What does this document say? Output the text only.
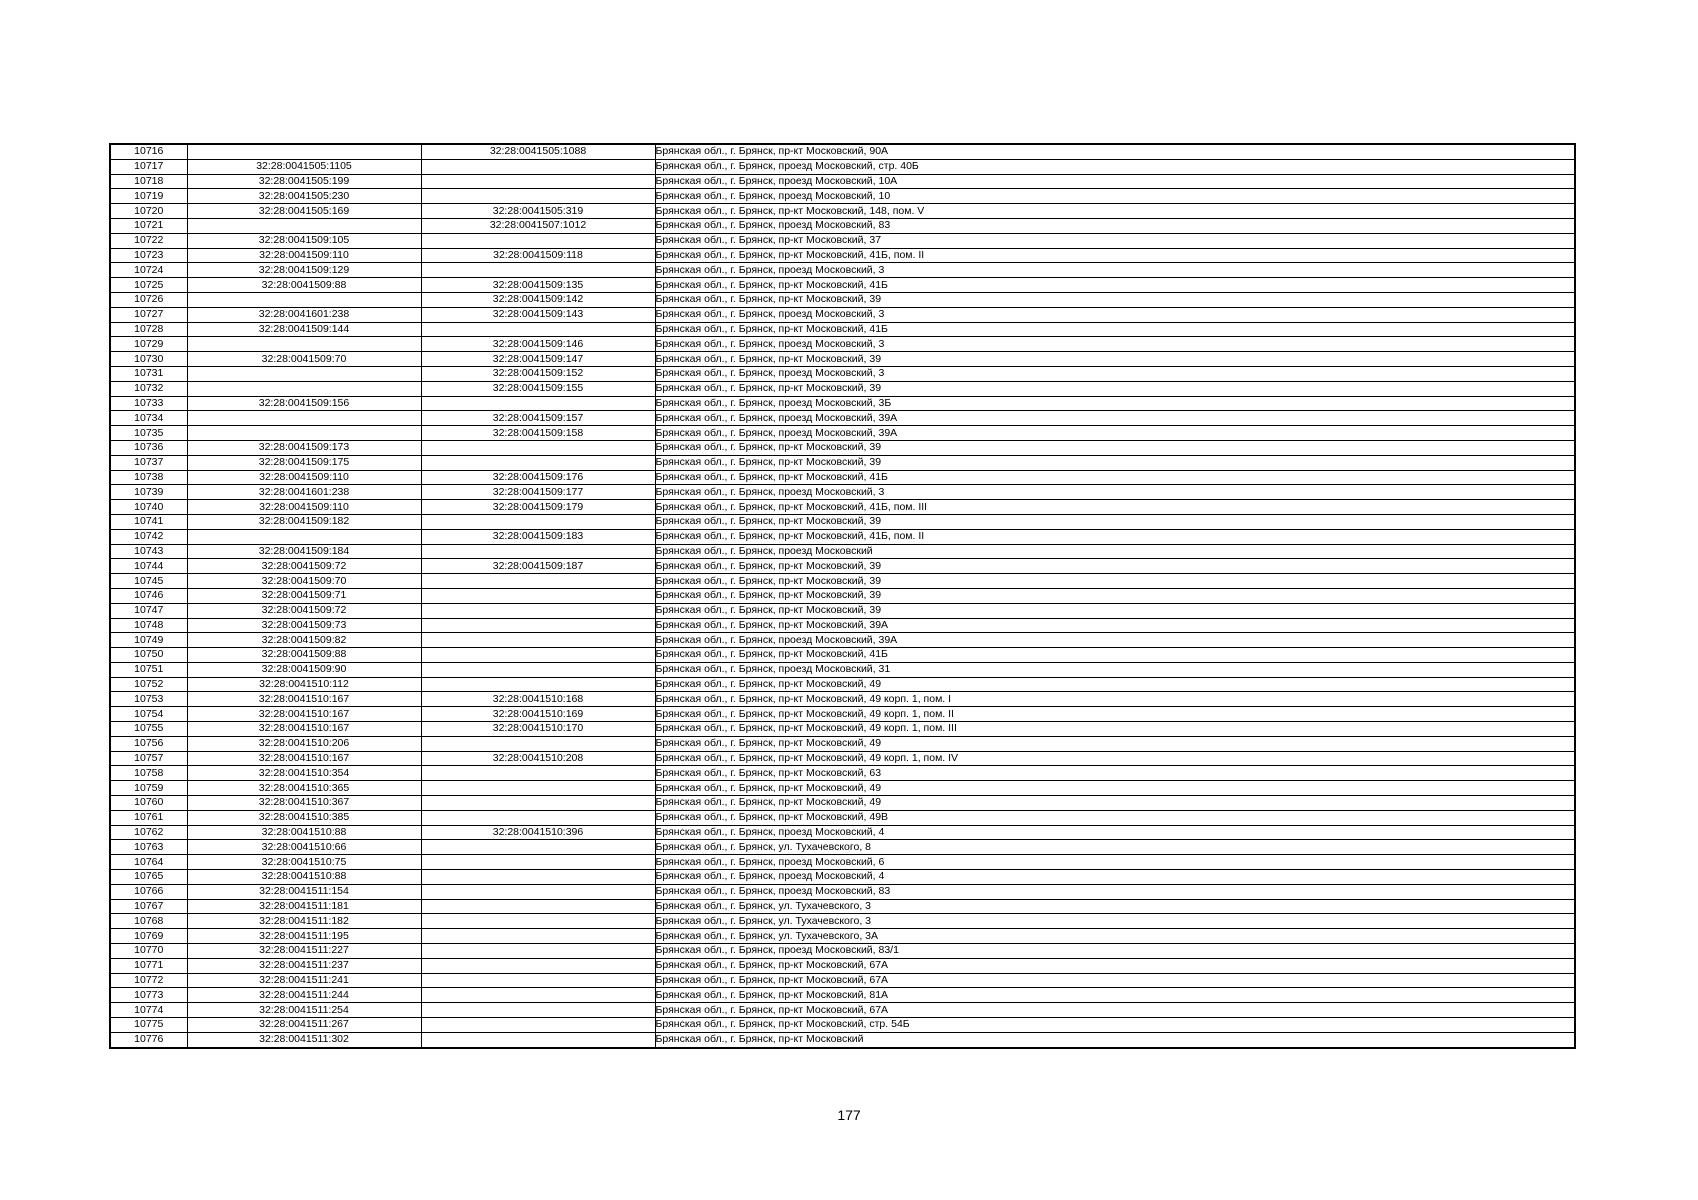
10716		32:28:0041505:1088	Брянская обл., г. Брянск, пр-кт Московский, 90А
10717	32:28:0041505:1105		Брянская обл., г. Брянск, проезд Московский, стр. 40Б
10718	32:28:0041505:199		Брянская обл., г. Брянск, проезд Московский, 10А
10719	32:28:0041505:230		Брянская обл., г. Брянск, проезд Московский, 10
10720	32:28:0041505:169	32:28:0041505:319	Брянская обл., г. Брянск, пр-кт Московский, 148, пом. V
10721		32:28:0041507:1012	Брянская обл., г. Брянск, проезд Московский, 83
10722	32:28:0041509:105		Брянская обл., г. Брянск, пр-кт Московский, 37
10723	32:28:0041509:110	32:28:0041509:118	Брянская обл., г. Брянск, пр-кт Московский, 41Б, пом. II
10724	32:28:0041509:129		Брянская обл., г. Брянск, проезд Московский, 3
10725	32:28:0041509:88	32:28:0041509:135	Брянская обл., г. Брянск, пр-кт Московский, 41Б
10726		32:28:0041509:142	Брянская обл., г. Брянск, пр-кт Московский, 39
10727	32:28:0041601:238	32:28:0041509:143	Брянская обл., г. Брянск, проезд Московский, 3
10728	32:28:0041509:144		Брянская обл., г. Брянск, пр-кт Московский, 41Б
10729		32:28:0041509:146	Брянская обл., г. Брянск, проезд Московский, 3
10730	32:28:0041509:70	32:28:0041509:147	Брянская обл., г. Брянск, пр-кт Московский, 39
10731		32:28:0041509:152	Брянская обл., г. Брянск, проезд Московский, 3
10732		32:28:0041509:155	Брянская обл., г. Брянск, пр-кт Московский, 39
10733	32:28:0041509:156		Брянская обл., г. Брянск, проезд Московский, 3Б
10734		32:28:0041509:157	Брянская обл., г. Брянск, проезд Московский, 39А
10735		32:28:0041509:158	Брянская обл., г. Брянск, проезд Московский, 39А
10736	32:28:0041509:173		Брянская обл., г. Брянск, пр-кт Московский, 39
10737	32:28:0041509:175		Брянская обл., г. Брянск, пр-кт Московский, 39
10738	32:28:0041509:110	32:28:0041509:176	Брянская обл., г. Брянск, пр-кт Московский, 41Б
10739	32:28:0041601:238	32:28:0041509:177	Брянская обл., г. Брянск, проезд Московский, 3
10740	32:28:0041509:110	32:28:0041509:179	Брянская обл., г. Брянск, пр-кт Московский, 41Б, пом. III
10741	32:28:0041509:182		Брянская обл., г. Брянск, пр-кт Московский, 39
10742		32:28:0041509:183	Брянская обл., г. Брянск, пр-кт Московский, 41Б, пом. II
10743	32:28:0041509:184		Брянская обл., г. Брянск, проезд Московский
10744	32:28:0041509:72	32:28:0041509:187	Брянская обл., г. Брянск, пр-кт Московский, 39
10745	32:28:0041509:70		Брянская обл., г. Брянск, пр-кт Московский, 39
10746	32:28:0041509:71		Брянская обл., г. Брянск, пр-кт Московский, 39
10747	32:28:0041509:72		Брянская обл., г. Брянск, пр-кт Московский, 39
10748	32:28:0041509:73		Брянская обл., г. Брянск, пр-кт Московский, 39А
10749	32:28:0041509:82		Брянская обл., г. Брянск, проезд Московский, 39А
10750	32:28:0041509:88		Брянская обл., г. Брянск, пр-кт Московский, 41Б
10751	32:28:0041509:90		Брянская обл., г. Брянск, проезд Московский, 31
10752	32:28:0041510:112		Брянская обл., г. Брянск, пр-кт Московский, 49
10753	32:28:0041510:167	32:28:0041510:168	Брянская обл., г. Брянск, пр-кт Московский, 49 корп. 1, пом. I
10754	32:28:0041510:167	32:28:0041510:169	Брянская обл., г. Брянск, пр-кт Московский, 49 корп. 1, пом. II
10755	32:28:0041510:167	32:28:0041510:170	Брянская обл., г. Брянск, пр-кт Московский, 49 корп. 1, пом. III
10756	32:28:0041510:206		Брянская обл., г. Брянск, пр-кт Московский, 49
10757	32:28:0041510:167	32:28:0041510:208	Брянская обл., г. Брянск, пр-кт Московский, 49 корп. 1, пом. IV
10758	32:28:0041510:354		Брянская обл., г. Брянск, пр-кт Московский, 63
10759	32:28:0041510:365		Брянская обл., г. Брянск, пр-кт Московский, 49
10760	32:28:0041510:367		Брянская обл., г. Брянск, пр-кт Московский, 49
10761	32:28:0041510:385		Брянская обл., г. Брянск, пр-кт Московский, 49В
10762	32:28:0041510:88	32:28:0041510:396	Брянская обл., г. Брянск, проезд Московский, 4
10763	32:28:0041510:66		Брянская обл., г. Брянск, ул. Тухачевского, 8
10764	32:28:0041510:75		Брянская обл., г. Брянск, проезд Московский, 6
10765	32:28:0041510:88		Брянская обл., г. Брянск, проезд Московский, 4
10766	32:28:0041511:154		Брянская обл., г. Брянск, проезд Московский, 83
10767	32:28:0041511:181		Брянская обл., г. Брянск, ул. Тухачевского, 3
10768	32:28:0041511:182		Брянская обл., г. Брянск, ул. Тухачевского, 3
10769	32:28:0041511:195		Брянская обл., г. Брянск, ул. Тухачевского, 3А
10770	32:28:0041511:227		Брянская обл., г. Брянск, проезд Московский, 83/1
10771	32:28:0041511:237		Брянская обл., г. Брянск, пр-кт Московский, 67А
10772	32:28:0041511:241		Брянская обл., г. Брянск, пр-кт Московский, 67А
10773	32:28:0041511:244		Брянская обл., г. Брянск, пр-кт Московский, 81А
10774	32:28:0041511:254		Брянская обл., г. Брянск, пр-кт Московский, 67А
10775	32:28:0041511:267		Брянская обл., г. Брянск, пр-кт Московский, стр. 54Б
10776	32:28:0041511:302		Брянская обл., г. Брянск, пр-кт Московский
177
